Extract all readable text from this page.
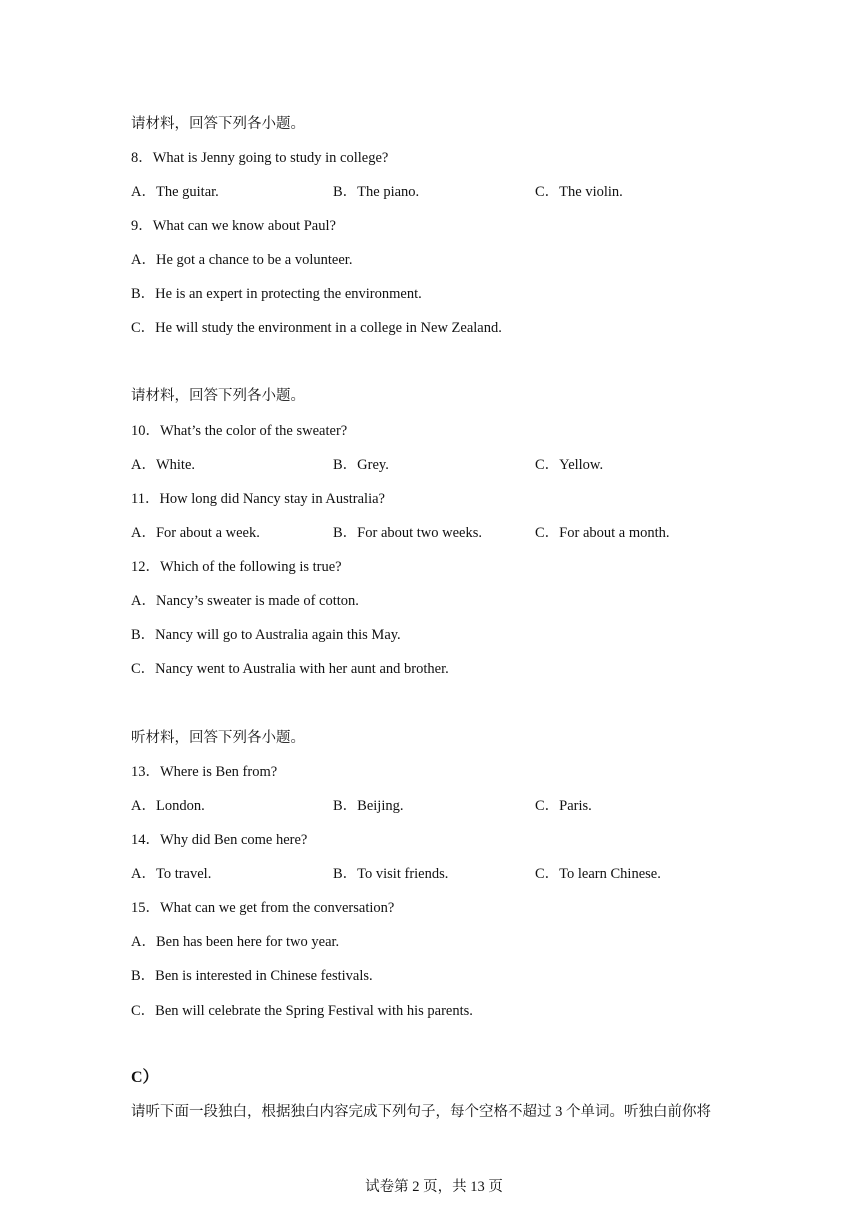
请材料，回答下列各小题。
8．What is Jenny going to study in college?
A．The guitar.	B．The piano.	C．The violin.
9．What can we know about Paul?
A．He got a chance to be a volunteer.
B．He is an expert in protecting the environment.
C．He will study the environment in a college in New Zealand.
请材料，回答下列各小题。
10．What’s the color of the sweater?
A．White.	B．Grey.	C．Yellow.
11．How long did Nancy stay in Australia?
A．For about a week.	B．For about two weeks.	C．For about a month.
12．Which of the following is true?
A．Nancy’s sweater is made of cotton.
B．Nancy will go to Australia again this May.
C．Nancy went to Australia with her aunt and brother.
听材料，回答下列各小题。
13．Where is Ben from?
A．London.	B．Beijing.	C．Paris.
14．Why did Ben come here?
A．To travel.	B．To visit friends.	C．To learn Chinese.
15．What can we get from the conversation?
A．Ben has been here for two year.
B．Ben is interested in Chinese festivals.
C．Ben will celebrate the Spring Festival with his parents.
C）
请听下面一段独白，根据独白内容完成下列句子，每个空格不超过 3 个单词。听独白前你将
试卷第 2 页，共 13 页
